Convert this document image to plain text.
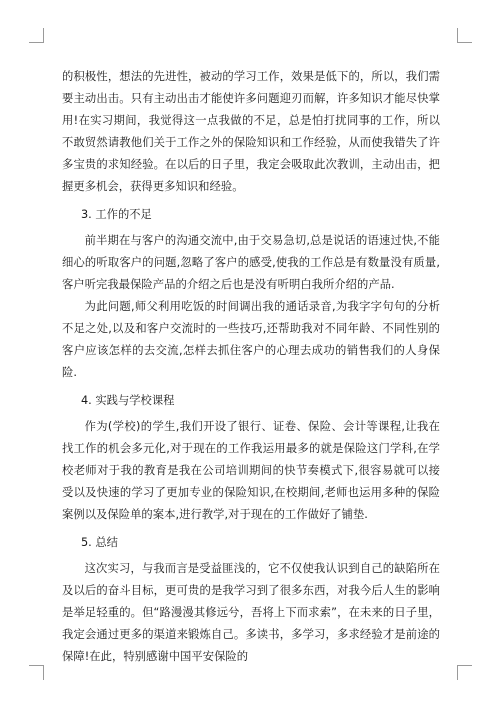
的积极性，想法的先进性，被动的学习工作，效果是低下的，所以，我们需要主动出击。只有主动出击才能使许多问题迎刃而解，许多知识才能尽快掌用!在实习期间，我觉得这一点我做的不足，总是怕打扰同事的工作，所以不敢贸然请教他们关于工作之外的保险知识和工作经验，从而使我错失了许多宝贵的求知经验。在以后的日子里，我定会吸取此次教训，主动出击，把握更多机会，获得更多知识和经验。

3. 工作的不足

前半期在与客户的沟通交流中,由于交易急切,总是说话的语速过快,不能细心的听取客户的问题,忽略了客户的感受,使我的工作总是有数量没有质量,客户听完我最保险产品的介绍之后也是没有听明白我所介绍的产品.

为此问题,师父利用吃饭的时间调出我的通话录音,为我字字句句的分析不足之处,以及和客户交流时的一些技巧,还帮助我对不同年龄、不同性别的客户应该怎样的去交流,怎样去抓住客户的心理去成功的销售我们的人身保险.

4. 实践与学校课程

作为(学校)的学生,我们开设了银行、证卷、保险、会计等课程,让我在找工作的机会多元化,对于现在的工作我运用最多的就是保险这门学科,在学校老师对于我的教育是我在公司培训期间的快节奏模式下,很容易就可以接受以及快速的学习了更加专业的保险知识,在校期间,老师也运用多种的保险案例以及保险单的案本,进行教学,对于现在的工作做好了铺垫.

5. 总结

这次实习，与我而言是受益匪浅的，它不仅使我认识到自己的缺陷所在及以后的奋斗目标，更可贵的是我学习到了很多东西，对我今后人生的影响是举足轻重的。但“路漫漫其修远兮，吾将上下而求索”，在未来的日子里，我定会通过更多的渠道来锻炼自己。多读书，多学习，多求经验才是前途的保障!在此，特别感谢中国平安保险的
